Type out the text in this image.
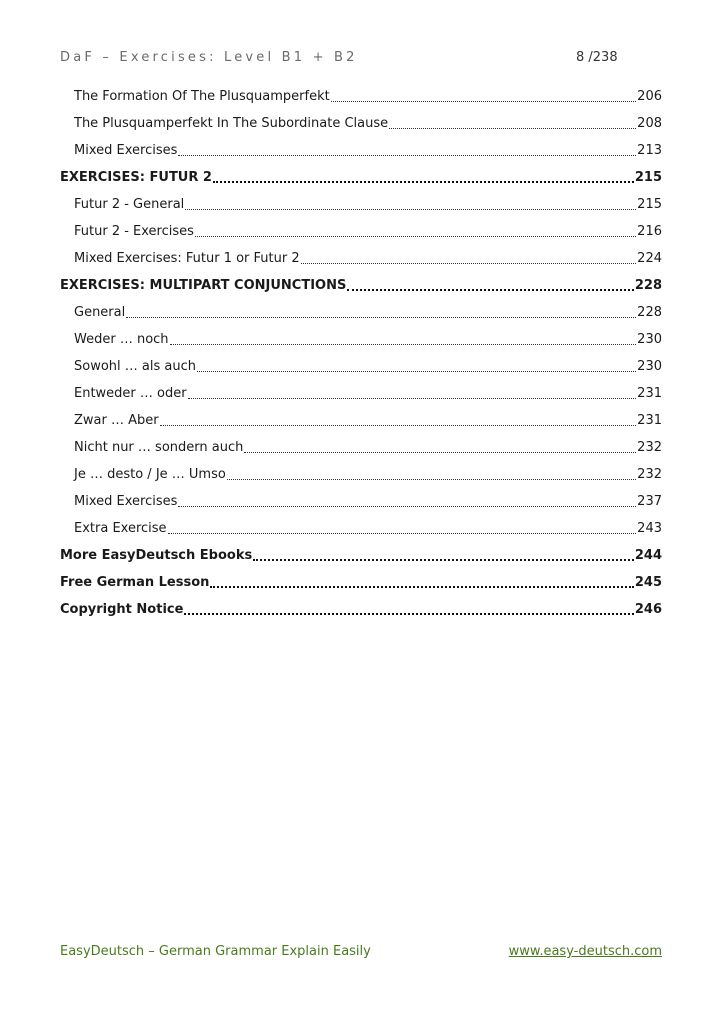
DaF – Exercises: Level B1 + B2	8 /238
The Formation Of The Plusquamperfekt	206
The Plusquamperfekt In The Subordinate Clause	208
Mixed Exercises	213
EXERCISES: FUTUR 2	215
Futur 2 - General	215
Futur 2 - Exercises	216
Mixed Exercises: Futur 1 or Futur 2	224
EXERCISES: MULTIPART CONJUNCTIONS	228
General	228
Weder … noch	230
Sowohl … als auch	230
Entweder … oder	231
Zwar … Aber	231
Nicht nur … sondern auch	232
Je … desto / Je … Umso	232
Mixed Exercises	237
Extra Exercise	243
More EasyDeutsch Ebooks	244
Free German Lesson	245
Copyright Notice	246
EasyDeutsch – German Grammar Explain Easily	www.easy-deutsch.com
